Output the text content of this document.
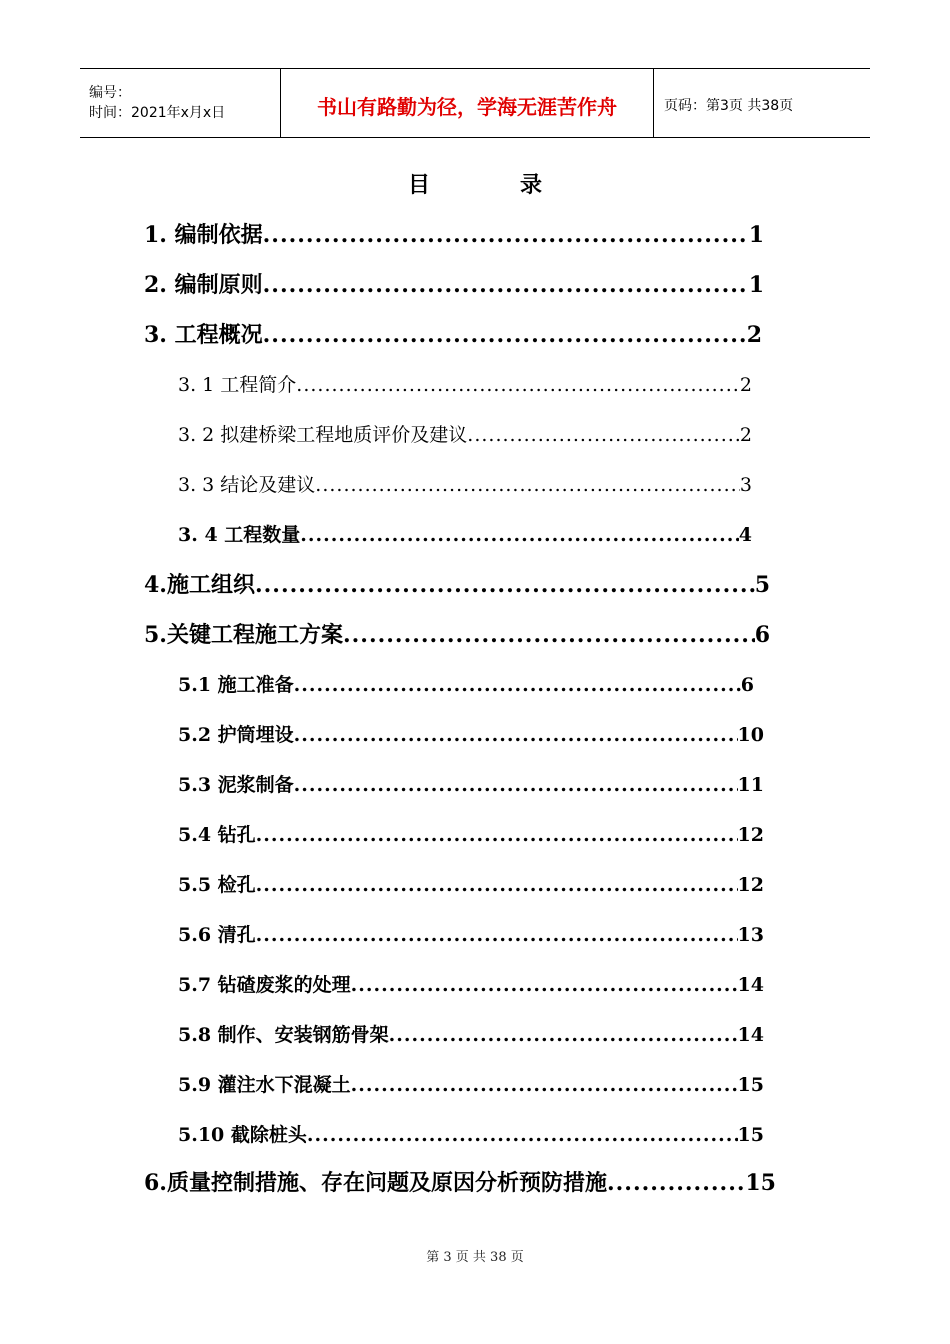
编号：
时间：2021年x月x日	书山有路勤为径，学海无涯苦作舟	页码：第3页 共38页
目	录
1. 编制依据 .....	1
2. 编制原则 .....	1
3. 工程概况 .....	2
3. 1 工程简介 .....	2
3. 2 拟建桥梁工程地质评价及建议 .....	2
3. 3 结论及建议 .....	3
3. 4 工程数量 .....	4
4.施工组织 .....	5
5.关键工程施工方案 .....	6
5.1 施工准备 .....	6
5.2 护筒埋设 .....	10
5.3 泥浆制备 .....	11
5.4 钻孔 .....	12
5.5 检孔 .....	12
5.6 清孔 .....	13
5.7 钻碴废浆的处理 .....	14
5.8 制作、安装钢筋骨架 .....	14
5.9 灌注水下混凝土 .....	15
5.10 截除桩头 .....	15
6.质量控制措施、存在问题及原因分析预防措施 .....	15
第 3 页 共 38 页
